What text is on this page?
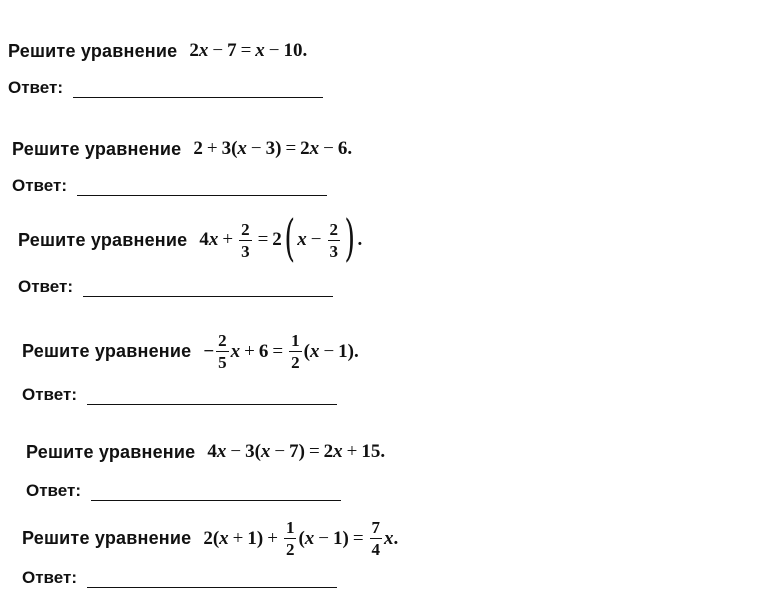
Решите уравнение 2 x − 7 = x − 10 .
Ответ:
Решите уравнение 2 + 3 ( x − 3 ) = 2 x − 6 .
Ответ:
Решите уравнение 4 $x + \frac{2}{3} = 2$ ( $x - \frac{2}{3}$ ) .
Ответ:
Решите уравнение − $\frac{2}{5}$ $x + 6 = \frac{1}{2}$ ( x − 1 ) .
Ответ:
Решите уравнение 4 x − 3 ( x − 7 ) = 2 x + 15 .
Ответ:
Решите уравнение 2 ( x + 1 ) + $\frac{1}{2}$ ( x − 1 ) = $\frac{7}{4}$ x .
Ответ:
